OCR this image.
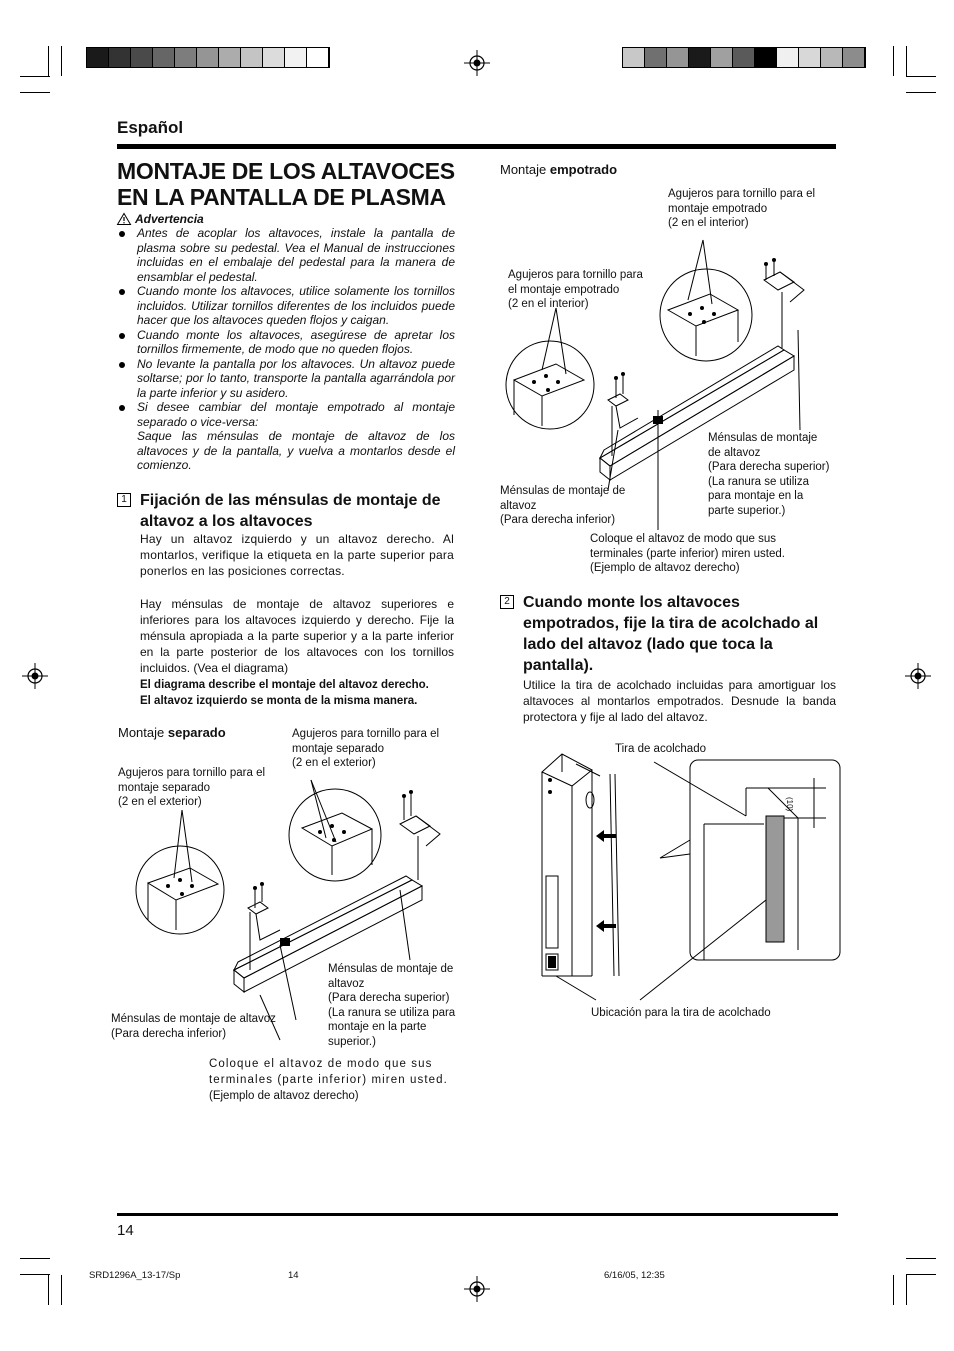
Español
MONTAJE DE LOS ALTAVOCES EN LA PANTALLA DE PLASMA
Advertencia
Antes de acoplar los altavoces, instale la pantalla de plasma sobre su pedestal. Vea el Manual de instrucciones incluidas en el embalaje del pedestal para la manera de ensamblar el pedestal.
Cuando monte los altavoces, utilice solamente los tornillos incluidos. Utilizar tornillos diferentes de los incluidos puede hacer que los altavoces queden flojos y caigan.
Cuando monte los altavoces, asegúrese de apretar los tornillos firmemente, de modo que no queden flojos.
No levante la pantalla por los altavoces. Un altavoz puede soltarse; por lo tanto, transporte la pantalla agarrándola por la parte inferior y su asidero.
Si desee cambiar del montaje empotrado al montaje separado o vice-versa:
Saque las ménsulas de montaje de altavoz de los altavoces y de la pantalla, y vuelva a montarlos desde el comienzo.
1 Fijación de las ménsulas de montaje de altavoz a los altavoces
Hay un altavoz izquierdo y un altavoz derecho. Al montarlos, verifique la etiqueta en la parte superior para ponerlos en las posiciones correctas.
Hay ménsulas de montaje de altavoz superiores e inferiores para los altavoces izquierdo y derecho. Fije la ménsula apropiada a la parte superior y a la parte inferior en la parte posterior de los altavoces con los tornillos incluidos. (Vea el diagrama)
El diagrama describe el montaje del altavoz derecho.
El altavoz izquierdo se monta de la misma manera.
Montaje separado	Agujeros para tornillo para el
montaje separado
(2 en el exterior)
Agujeros para tornillo para el
montaje separado
(2 en el exterior)
Ménsulas de montaje de
altavoz
(Para derecha superior)
(La ranura se utiliza para
montaje en la parte
superior.)
Ménsulas de montaje de altavoz
(Para derecha inferior)
Coloque el altavoz de modo que sus
terminales (parte inferior) miren usted.
(Ejemplo de altavoz derecho)
Montaje empotrado
Agujeros para tornillo para el
montaje empotrado
(2 en el interior)
Agujeros para tornillo para
el montaje empotrado
(2 en el interior)
Ménsulas de montaje
de altavoz
(Para derecha superior)
(La ranura se utiliza
para montaje en la
parte superior.)
Ménsulas de montaje de
altavoz
(Para derecha inferior)
Coloque el altavoz de modo que sus
terminales (parte inferior) miren usted.
(Ejemplo de altavoz derecho)
2 Cuando monte los altavoces empotrados, fije la tira de acolchado al lado del altavoz (lado que toca la pantalla).
Utilice la tira de acolchado incluidas para amortiguar los altavoces al montarlos empotrados. Desnude la banda protectora y fije al lado del altavoz.
Tira de acolchado
Ubicación para la tira de acolchado
(10)
14
SRD1296A_13-17/Sp	14	6/16/05, 12:35
